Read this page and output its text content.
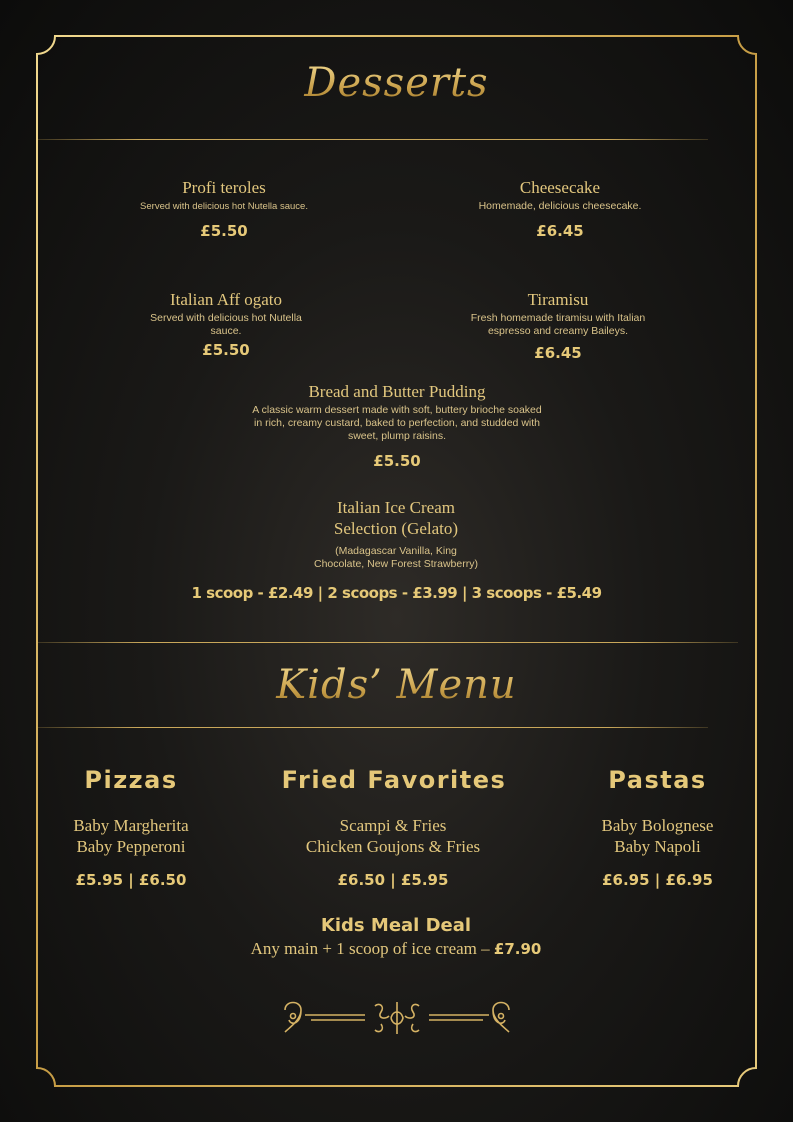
Desserts
Profi teroles
Served with delicious hot Nutella sauce.
£5.50
Cheesecake
Homemade, delicious cheesecake.
£6.45
Italian Aff ogato
Served with delicious hot Nutella sauce.
£5.50
Tiramisu
Fresh homemade tiramisu with Italian espresso and creamy Baileys.
£6.45
Bread and Butter Pudding
A classic warm dessert made with soft, buttery brioche soaked in rich, creamy custard, baked to perfection, and studded with sweet, plump raisins.
£5.50
Italian Ice Cream Selection (Gelato)
(Madagascar Vanilla, King Chocolate, New Forest Strawberry)
1 scoop - £2.49 | 2 scoops - £3.99 | 3 scoops - £5.49
Kids’ Menu
Pizzas
Baby Margherita
Baby Pepperoni
£5.95 | £6.50
Fried Favorites
Scampi & Fries
Chicken Goujons & Fries
£6.50 | £5.95
Pastas
Baby Bolognese
Baby Napoli
£6.95 | £6.95
Kids Meal Deal
Any main + 1 scoop of ice cream – £7.90
